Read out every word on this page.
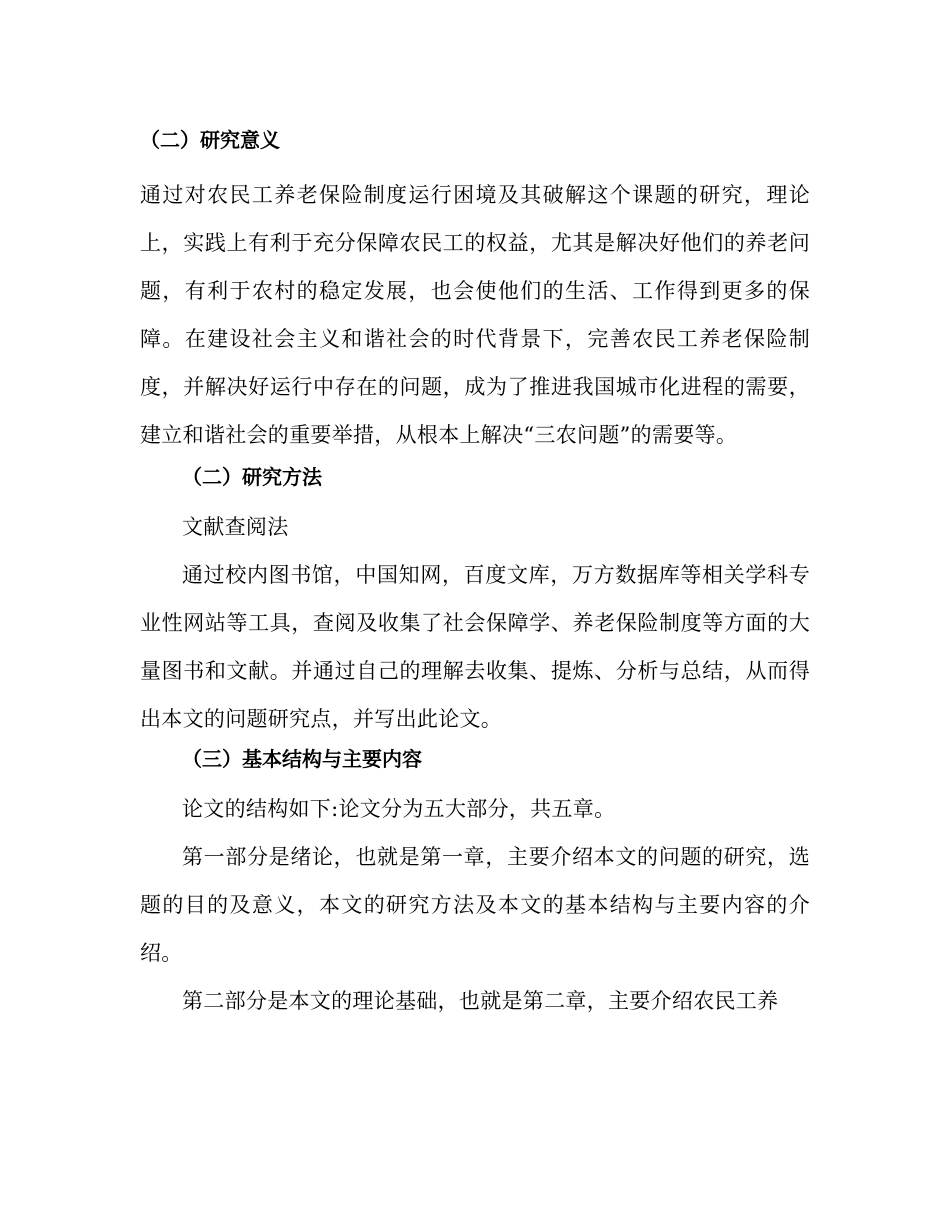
（二）研究意义

通过对农民工养老保险制度运行困境及其破解这个课题的研究，理论上，实践上有利于充分保障农民工的权益，尤其是解决好他们的养老问题，有利于农村的稳定发展，也会使他们的生活、工作得到更多的保障。在建设社会主义和谐社会的时代背景下，完善农民工养老保险制度，并解决好运行中存在的问题，成为了推进我国城市化进程的需要，建立和谐社会的重要举措，从根本上解决“三农问题”的需要等。

（二）研究方法

文献查阅法

通过校内图书馆，中国知网，百度文库，万方数据库等相关学科专业性网站等工具，查阅及收集了社会保障学、养老保险制度等方面的大量图书和文献。并通过自己的理解去收集、提炼、分析与总结，从而得出本文的问题研究点，并写出此论文。

（三）基本结构与主要内容

论文的结构如下:论文分为五大部分，共五章。

第一部分是绪论，也就是第一章，主要介绍本文的问题的研究，选题的目的及意义，本文的研究方法及本文的基本结构与主要内容的介绍。

第二部分是本文的理论基础，也就是第二章，主要介绍农民工养
